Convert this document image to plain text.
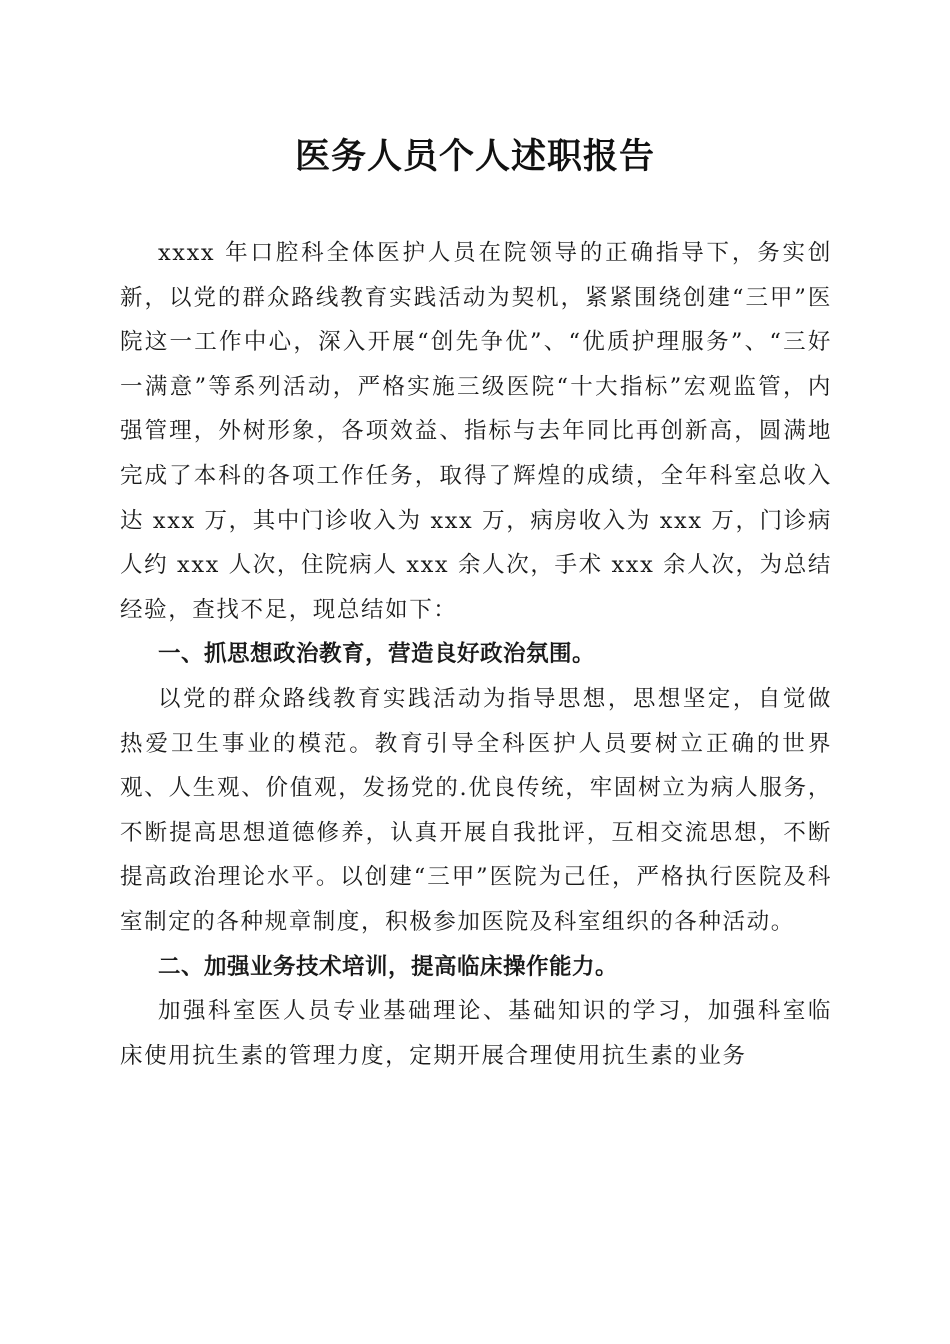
医务人员个人述职报告

xxxx 年口腔科全体医护人员在院领导的正确指导下，务实创新，以党的群众路线教育实践活动为契机，紧紧围绕创建“三甲”医院这一工作中心，深入开展“创先争优”、“优质护理服务”、“三好一满意”等系列活动，严格实施三级医院“十大指标”宏观监管，内强管理，外树形象，各项效益、指标与去年同比再创新高，圆满地完成了本科的各项工作任务，取得了辉煌的成绩，全年科室总收入达 xxx 万，其中门诊收入为 xxx 万，病房收入为 xxx 万，门诊病人约 xxx 人次，住院病人 xxx 余人次，手术 xxx 余人次，为总结经验，查找不足，现总结如下：

一、抓思想政治教育，营造良好政治氛围。

以党的群众路线教育实践活动为指导思想，思想坚定，自觉做热爱卫生事业的模范。教育引导全科医护人员要树立正确的世界观、人生观、价值观，发扬党的.优良传统，牢固树立为病人服务，不断提高思想道德修养，认真开展自我批评，互相交流思想，不断提高政治理论水平。以创建“三甲”医院为己任，严格执行医院及科室制定的各种规章制度，积极参加医院及科室组织的各种活动。

二、加强业务技术培训，提高临床操作能力。

加强科室医人员专业基础理论、基础知识的学习，加强科室临床使用抗生素的管理力度，定期开展合理使用抗生素的业务
